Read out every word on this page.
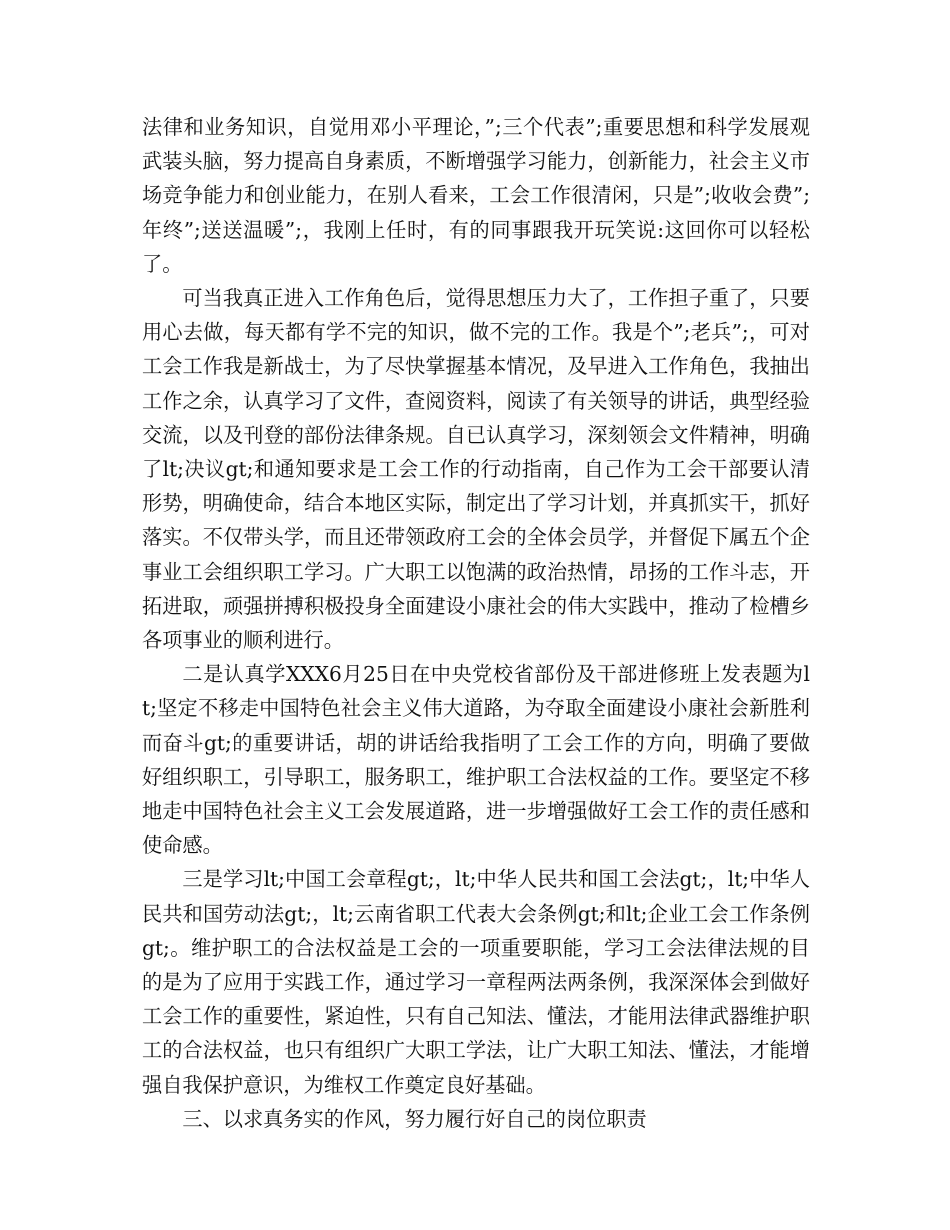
法律和业务知识，自觉用邓小平理论，”;三个代表”;重要思想和科学发展观武装头脑，努力提高自身素质，不断增强学习能力，创新能力，社会主义市场竞争能力和创业能力，在别人看来，工会工作很清闲，只是”;收收会费”;年终”;送送温暖”;，我刚上任时，有的同事跟我开玩笑说:这回你可以轻松了。

可当我真正进入工作角色后，觉得思想压力大了，工作担子重了，只要用心去做，每天都有学不完的知识，做不完的工作。我是个”;老兵”;，可对工会工作我是新战士，为了尽快掌握基本情况，及早进入工作角色，我抽出工作之余，认真学习了文件，查阅资料，阅读了有关领导的讲话，典型经验交流，以及刊登的部份法律条规。自已认真学习，深刻领会文件精神，明确了lt;决议gt;和通知要求是工会工作的行动指南，自己作为工会干部要认清形势，明确使命，结合本地区实际，制定出了学习计划，并真抓实干，抓好落实。不仅带头学，而且还带领政府工会的全体会员学，并督促下属五个企事业工会组织职工学习。广大职工以饱满的政治热情，昂扬的工作斗志，开拓进取，顽强拼搏积极投身全面建设小康社会的伟大实践中，推动了检槽乡各项事业的顺利进行。

二是认真学XXX6月25日在中央党校省部份及干部进修班上发表题为lt;坚定不移走中国特色社会主义伟大道路，为夺取全面建设小康社会新胜利而奋斗gt;的重要讲话，胡的讲话给我指明了工会工作的方向，明确了要做好组织职工，引导职工，服务职工，维护职工合法权益的工作。要坚定不移地走中国特色社会主义工会发展道路，进一步增强做好工会工作的责任感和使命感。

三是学习lt;中国工会章程gt;，lt;中华人民共和国工会法gt;，lt;中华人民共和国劳动法gt;，lt;云南省职工代表大会条例gt;和lt;企业工会工作条例gt;。维护职工的合法权益是工会的一项重要职能，学习工会法律法规的目的是为了应用于实践工作，通过学习一章程两法两条例，我深深体会到做好工会工作的重要性，紧迫性，只有自己知法、懂法，才能用法律武器维护职工的合法权益，也只有组织广大职工学法，让广大职工知法、懂法，才能增强自我保护意识，为维权工作奠定良好基础。

三、以求真务实的作风，努力履行好自己的岗位职责
